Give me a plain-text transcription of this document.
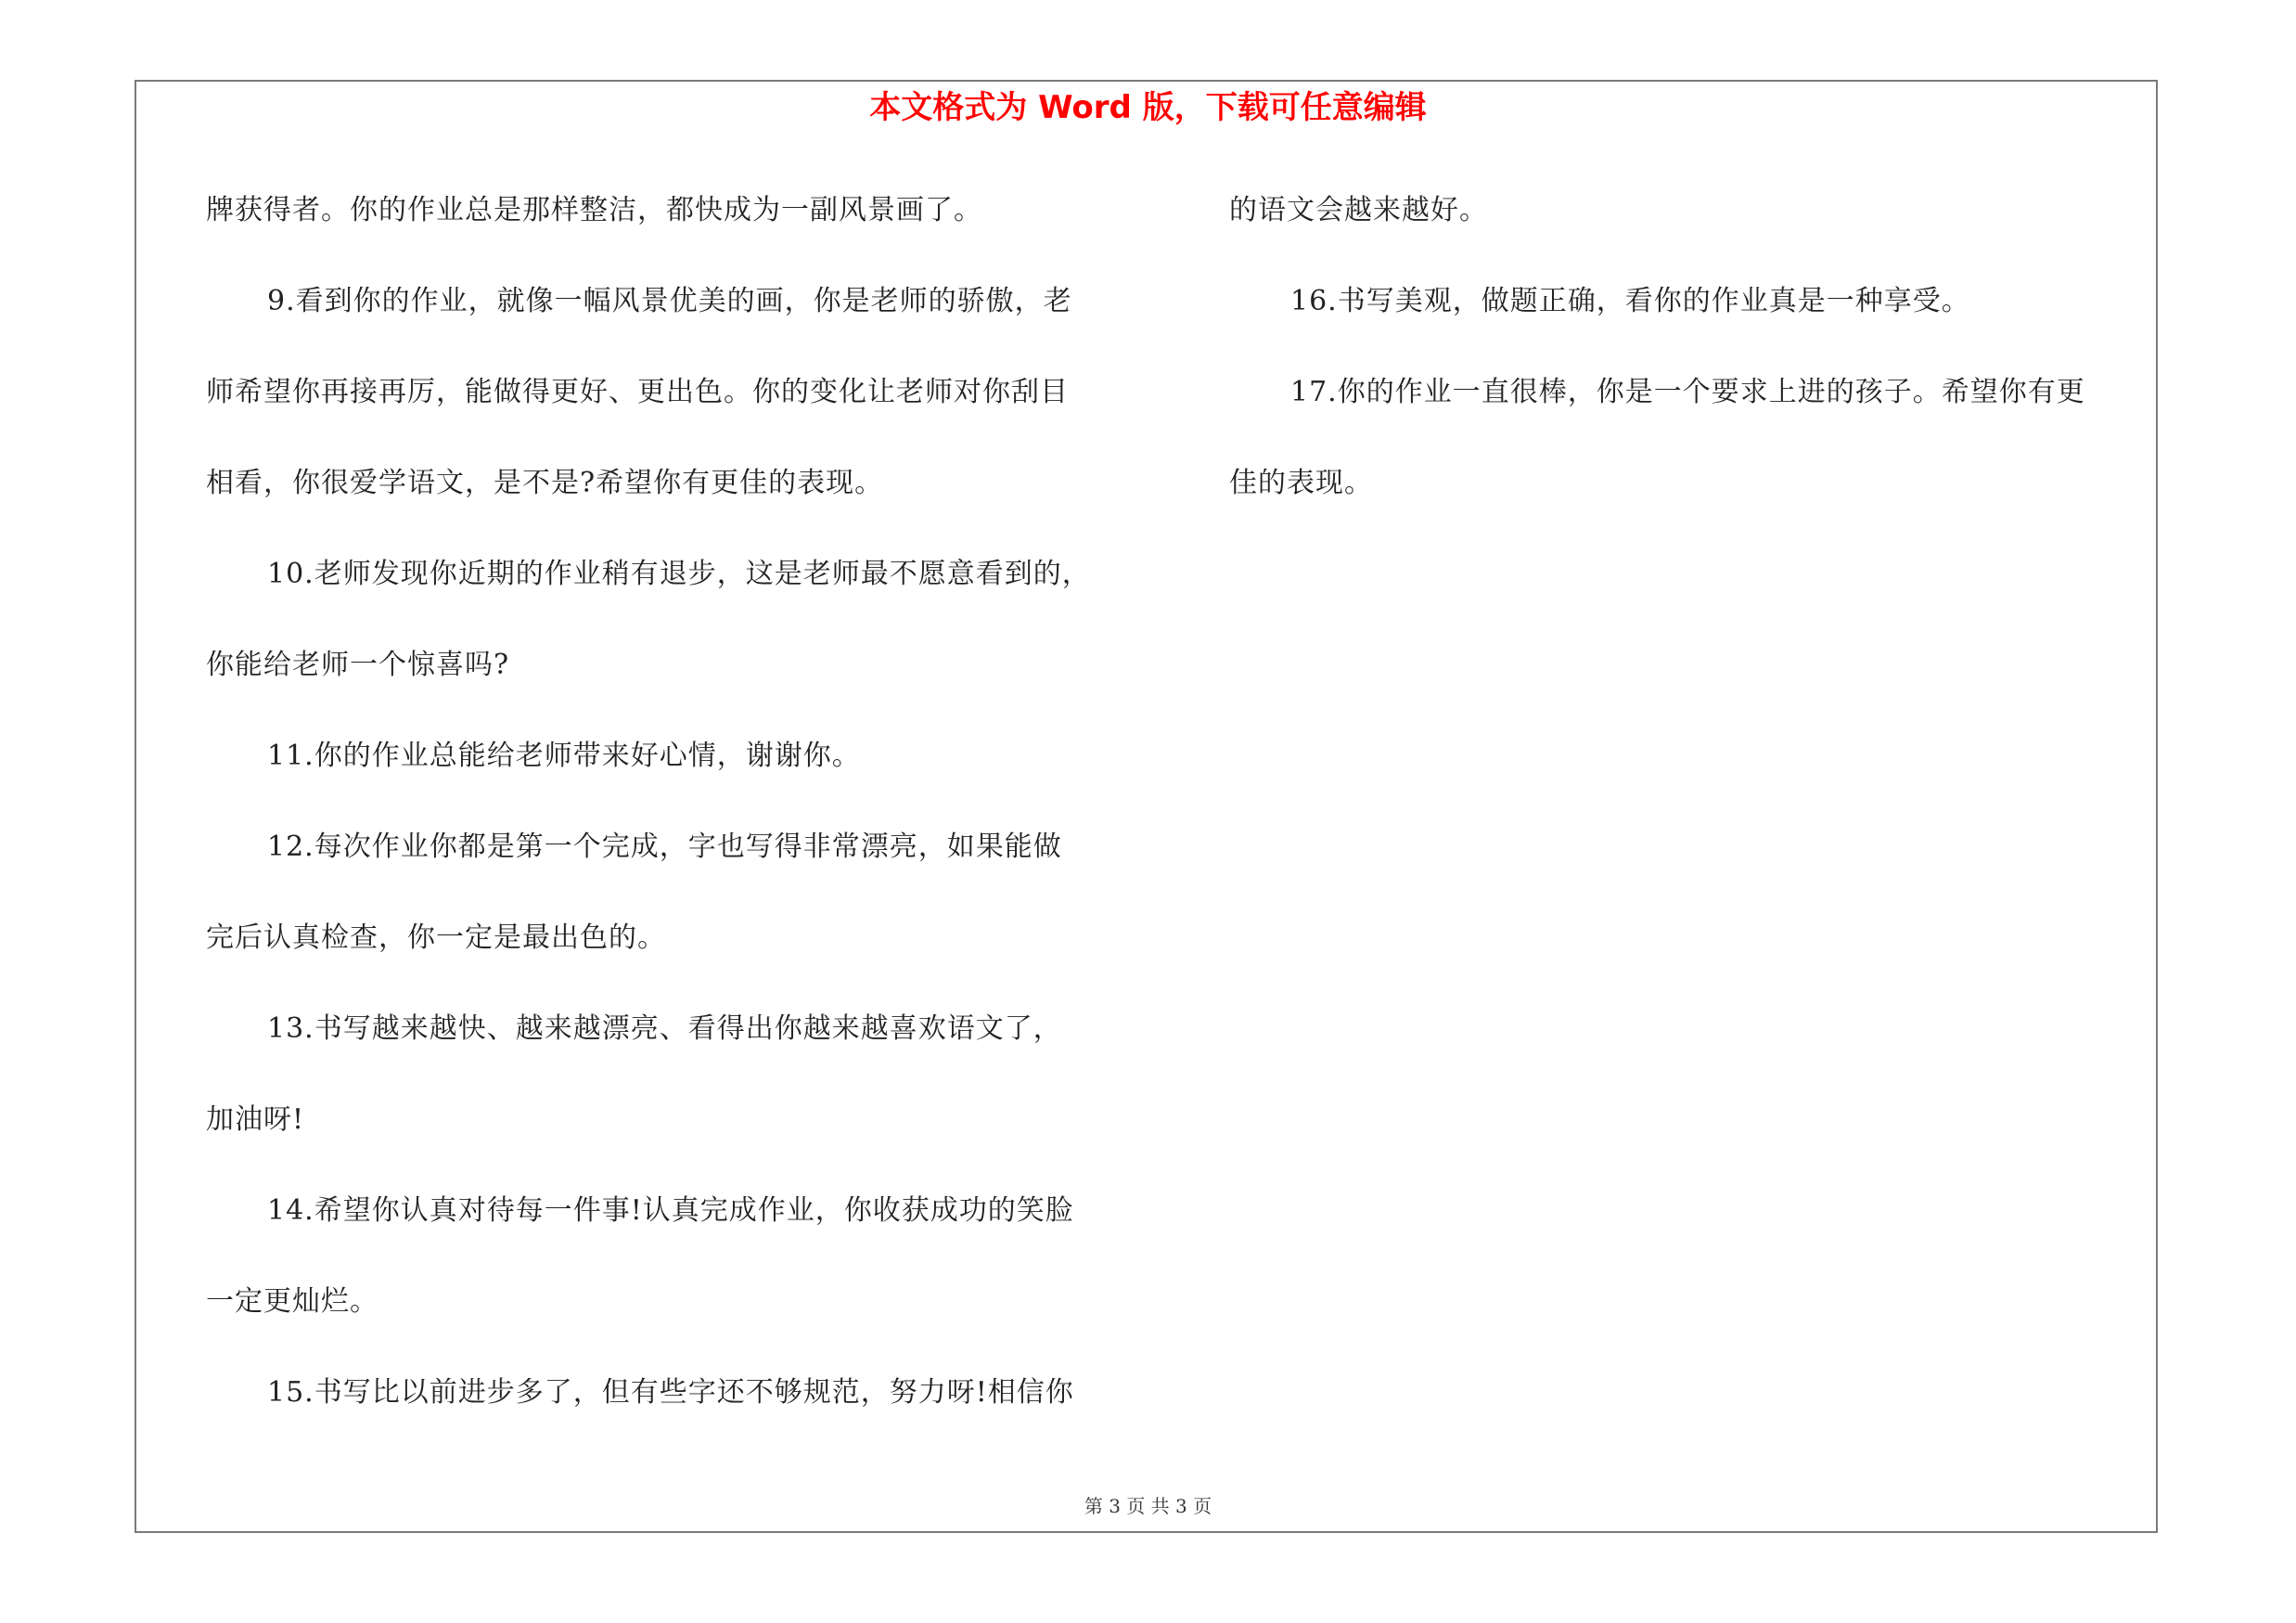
本文格式为 Word 版，下载可任意编辑
牌获得者。你的作业总是那样整洁，都快成为一副风景画了。
9.看到你的作业，就像一幅风景优美的画，你是老师的骄傲，老
师希望你再接再厉，能做得更好、更出色。你的变化让老师对你刮目
相看，你很爱学语文，是不是?希望你有更佳的表现。
10.老师发现你近期的作业稍有退步，这是老师最不愿意看到的，
你能给老师一个惊喜吗?
11.你的作业总能给老师带来好心情，谢谢你。
12.每次作业你都是第一个完成，字也写得非常漂亮，如果能做
完后认真检查，你一定是最出色的。
13.书写越来越快、越来越漂亮、看得出你越来越喜欢语文了，
加油呀!
14.希望你认真对待每一件事!认真完成作业，你收获成功的笑脸
一定更灿烂。
15.书写比以前进步多了，但有些字还不够规范，努力呀!相信你
的语文会越来越好。
16.书写美观，做题正确，看你的作业真是一种享受。
17.你的作业一直很棒，你是一个要求上进的孩子。希望你有更
佳的表现。
第 3 页 共 3 页
